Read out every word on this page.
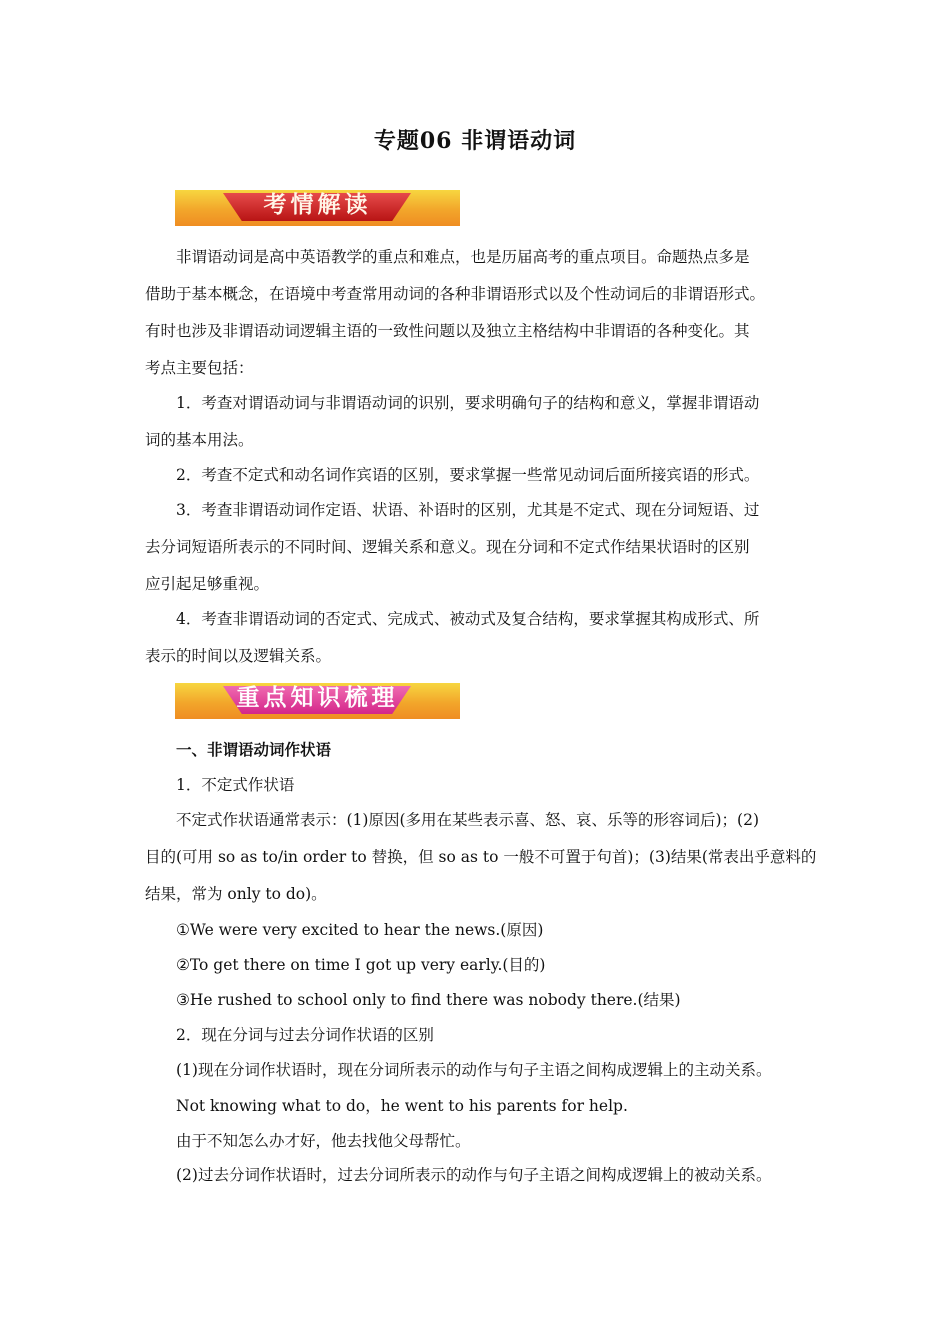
专题06 非谓语动词
考情解读
非谓语动词是高中英语教学的重点和难点，也是历届高考的重点项目。命题热点多是
借助于基本概念，在语境中考查常用动词的各种非谓语形式以及个性动词后的非谓语形式。
有时也涉及非谓语动词逻辑主语的一致性问题以及独立主格结构中非谓语的各种变化。其
考点主要包括：
1．考查对谓语动词与非谓语动词的识别，要求明确句子的结构和意义，掌握非谓语动
词的基本用法。
2．考查不定式和动名词作宾语的区别，要求掌握一些常见动词后面所接宾语的形式。
3．考查非谓语动词作定语、状语、补语时的区别，尤其是不定式、现在分词短语、过
去分词短语所表示的不同时间、逻辑关系和意义。现在分词和不定式作结果状语时的区别
应引起足够重视。
4．考查非谓语动词的否定式、完成式、被动式及复合结构，要求掌握其构成形式、所
表示的时间以及逻辑关系。
重点知识梳理
一、非谓语动词作状语
1．不定式作状语
不定式作状语通常表示：(1)原因(多用在某些表示喜、怒、哀、乐等的形容词后)；(2)
目的(可用 so as to/in order to 替换，但 so as to 一般不可置于句首)；(3)结果(常表出乎意料的
结果，常为 only to do)。
①We were very excited to hear the news.(原因)
②To get there on time I got up very early.(目的)
③He rushed to school only to find there was nobody there.(结果)
2．现在分词与过去分词作状语的区别
(1)现在分词作状语时，现在分词所表示的动作与句子主语之间构成逻辑上的主动关系。
Not knowing what to do，he went to his parents for help.
由于不知怎么办才好，他去找他父母帮忙。
(2)过去分词作状语时，过去分词所表示的动作与句子主语之间构成逻辑上的被动关系。
